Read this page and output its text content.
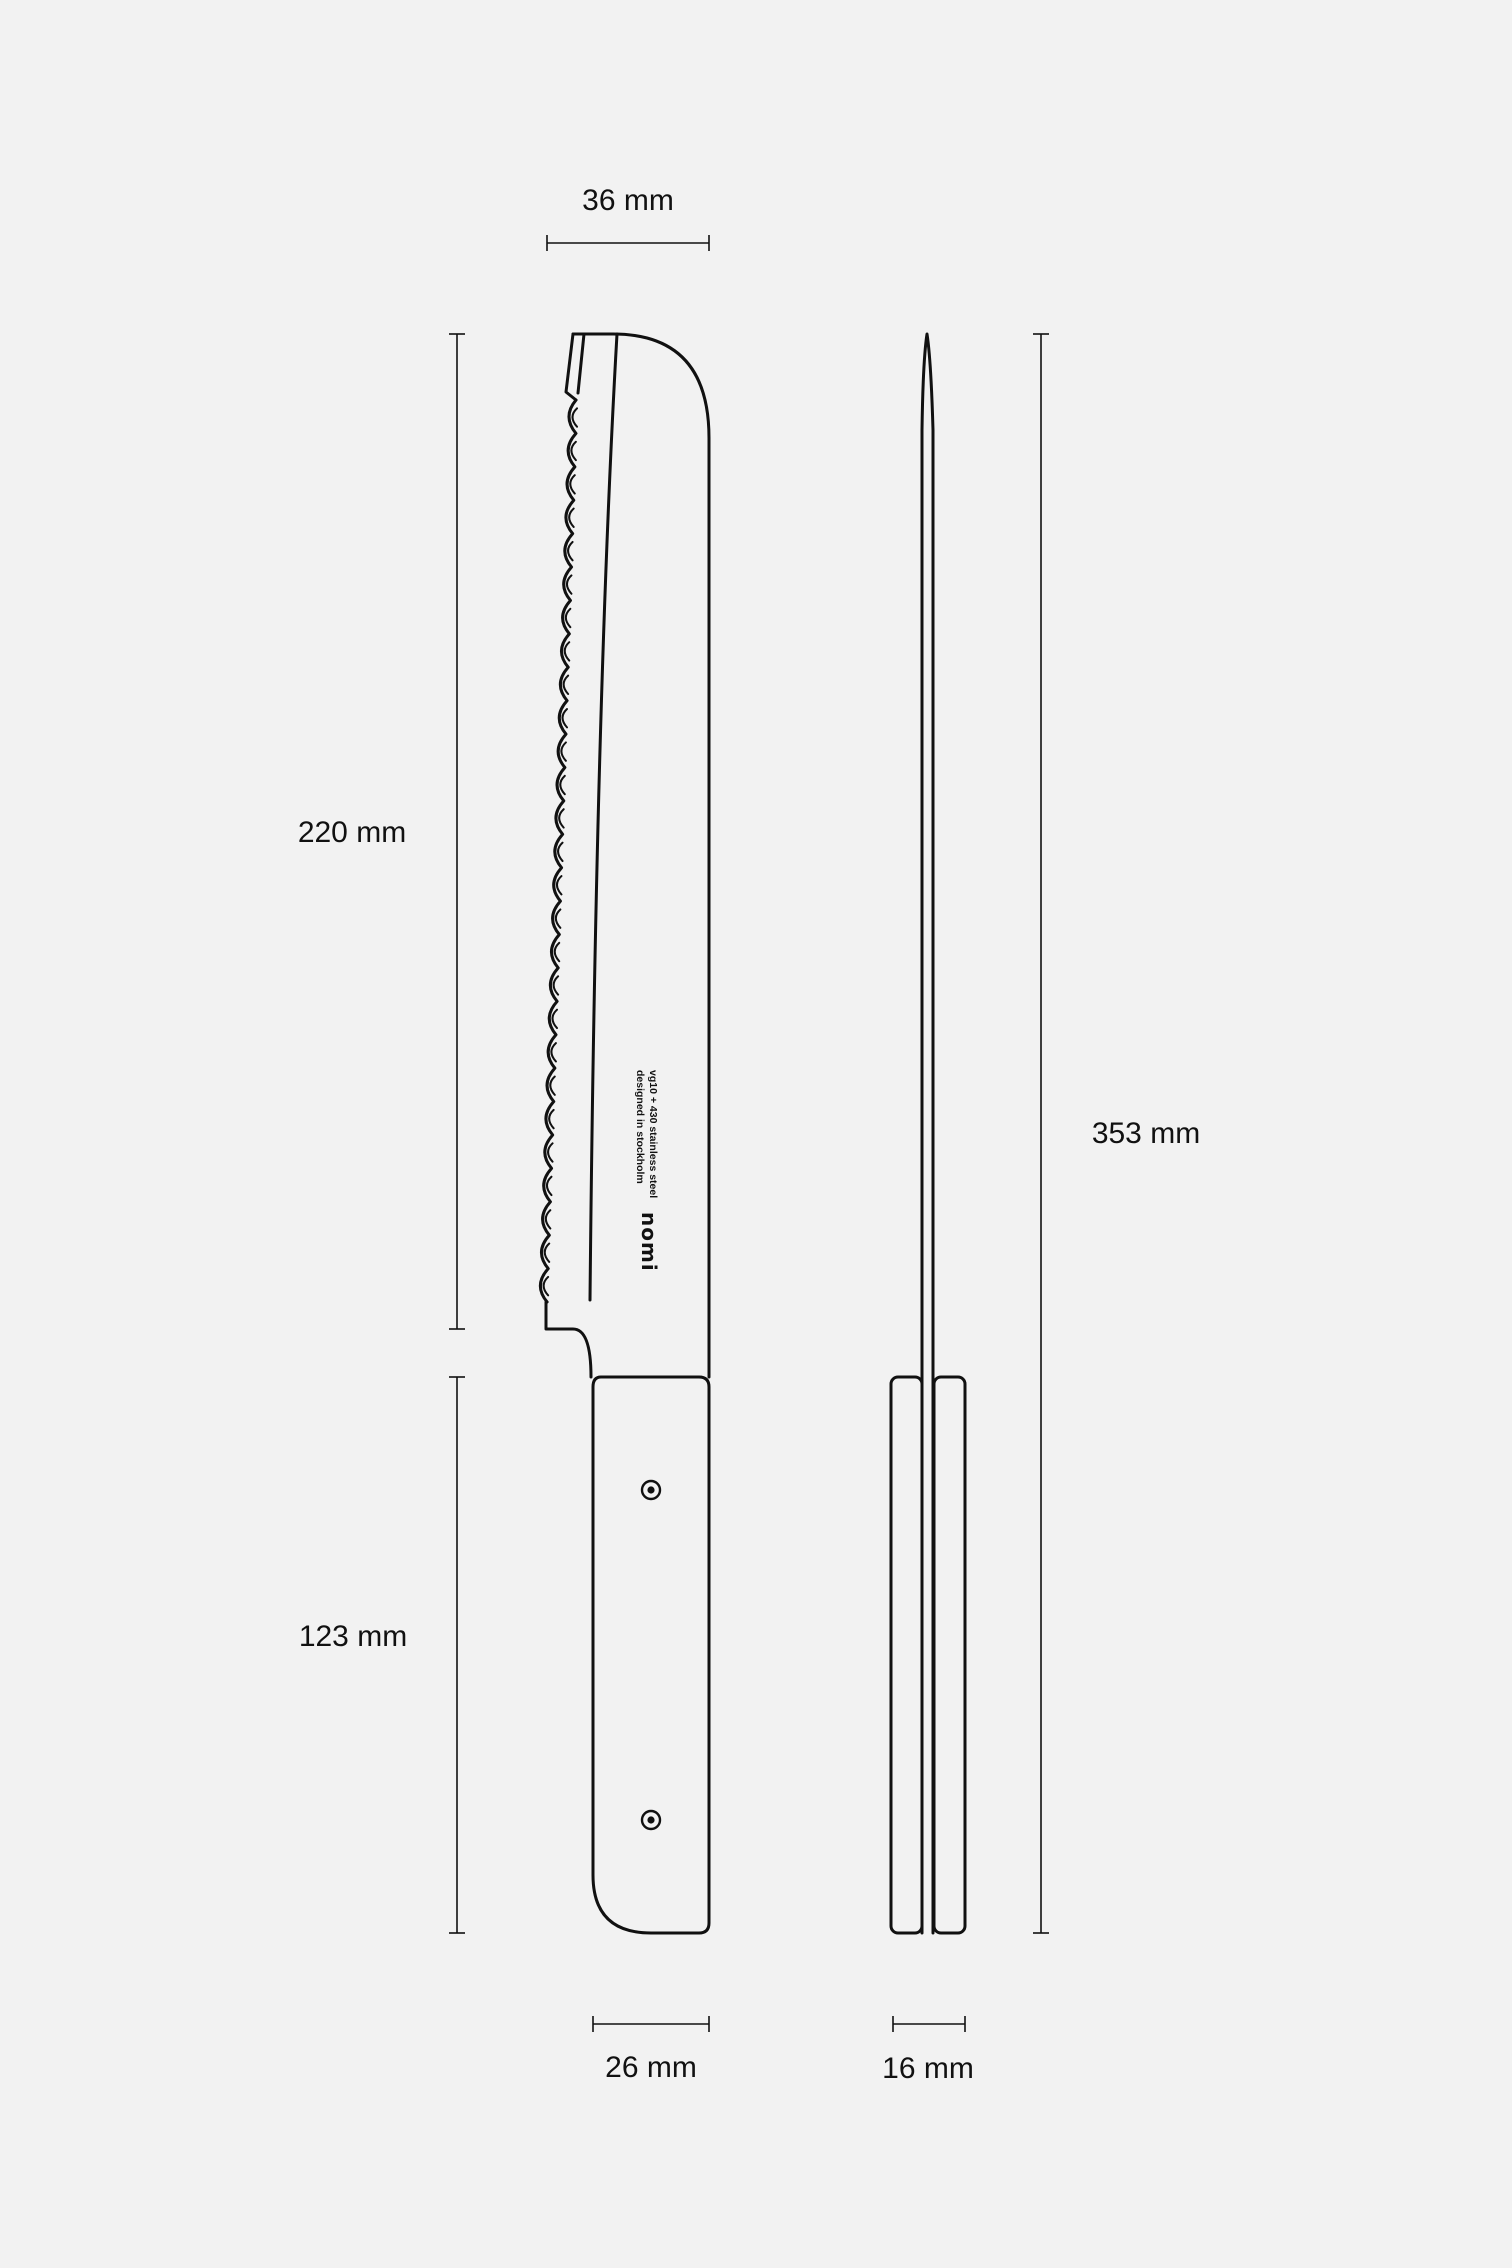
36 mm
220 mm
123 mm
353 mm
26 mm	16 mm
vg10 + 430 stainless steel
designed in stockholm
nomi
